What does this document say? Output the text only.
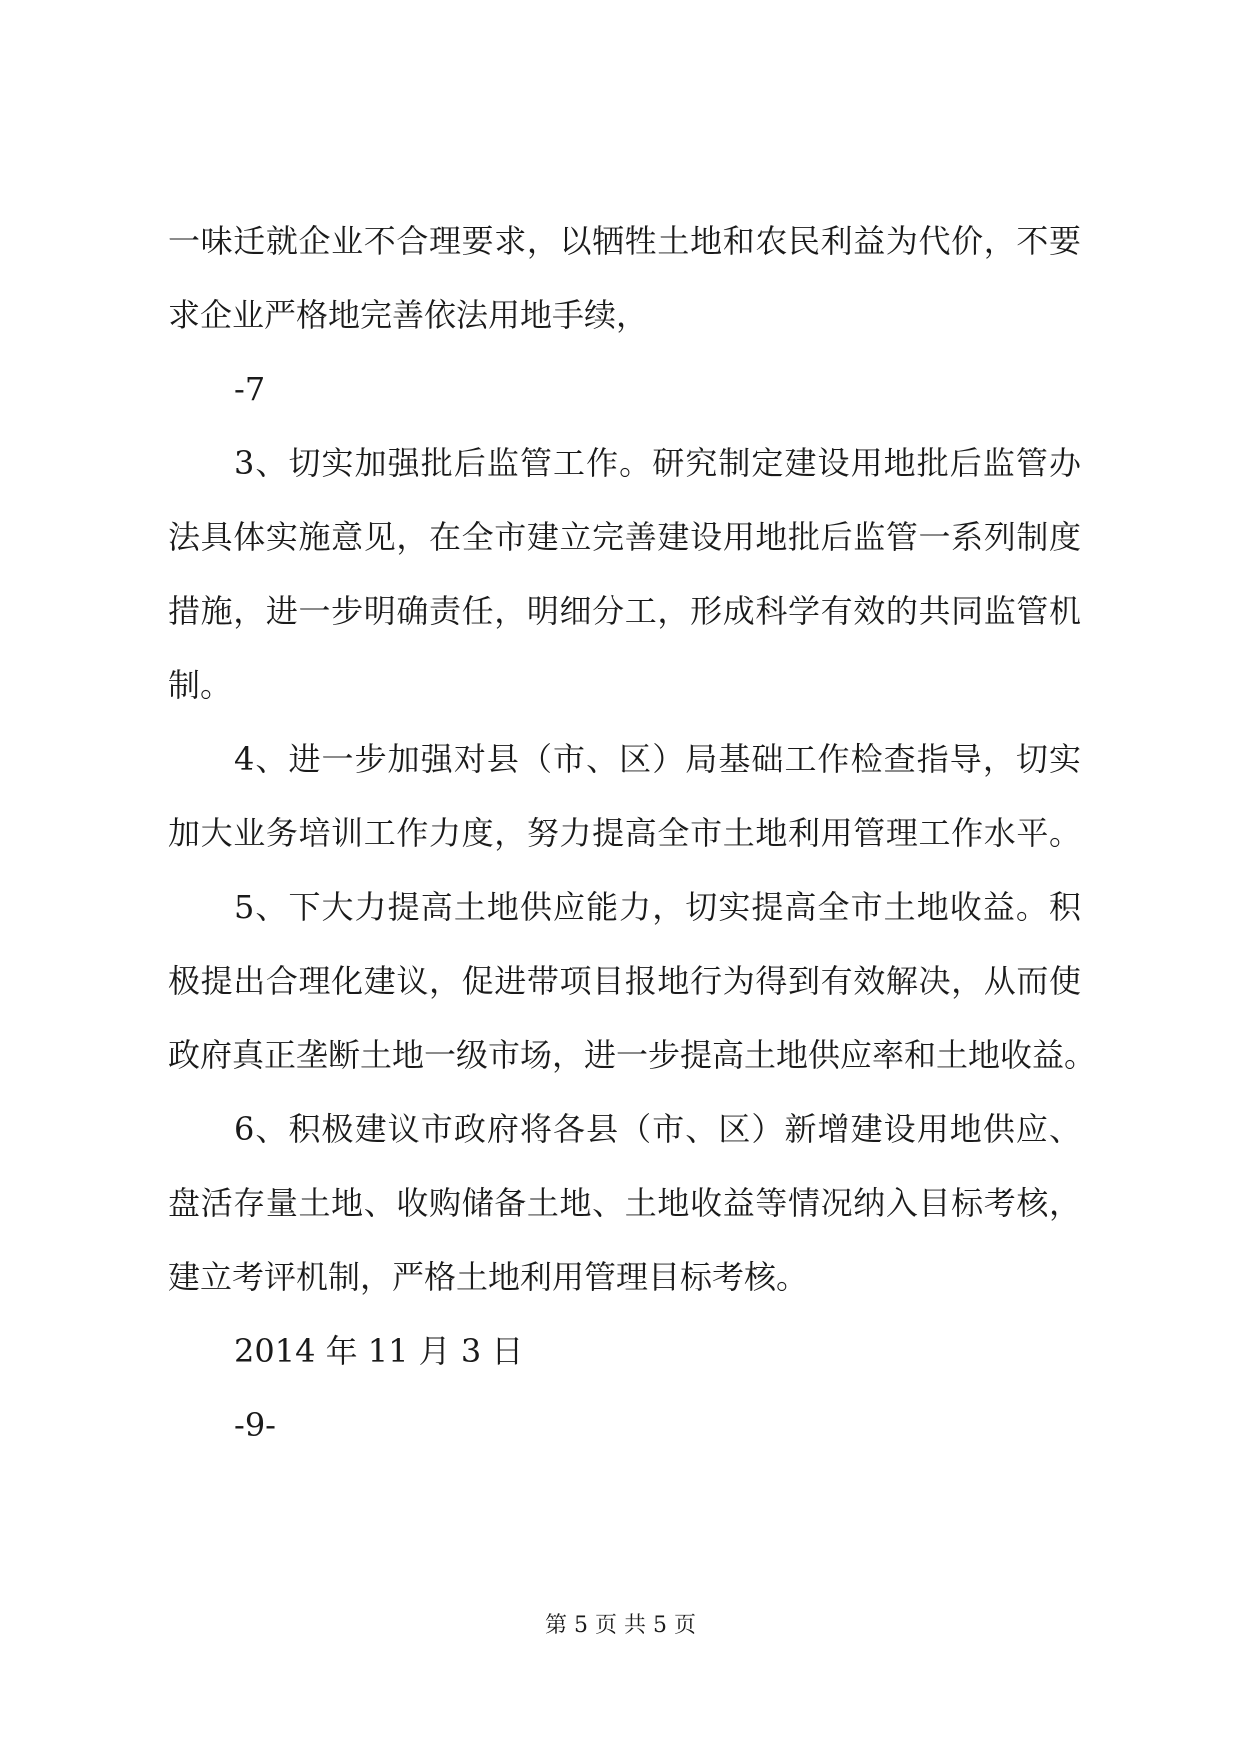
一味迁就企业不合理要求，以牺牲土地和农民利益为代价，不要
求企业严格地完善依法用地手续，
-7
3、切实加强批后监管工作。研究制定建设用地批后监管办
法具体实施意见，在全市建立完善建设用地批后监管一系列制度
措施，进一步明确责任，明细分工，形成科学有效的共同监管机
制。
4、进一步加强对县（市、区）局基础工作检查指导，切实
加大业务培训工作力度，努力提高全市土地利用管理工作水平。
5、下大力提高土地供应能力，切实提高全市土地收益。积
极提出合理化建议，促进带项目报地行为得到有效解决，从而使
政府真正垄断土地一级市场，进一步提高土地供应率和土地收益。
6、积极建议市政府将各县（市、区）新增建设用地供应、
盘活存量土地、收购储备土地、土地收益等情况纳入目标考核，
建立考评机制，严格土地利用管理目标考核。
2014 年 11 月 3 日
-9-
第 5 页 共 5 页
